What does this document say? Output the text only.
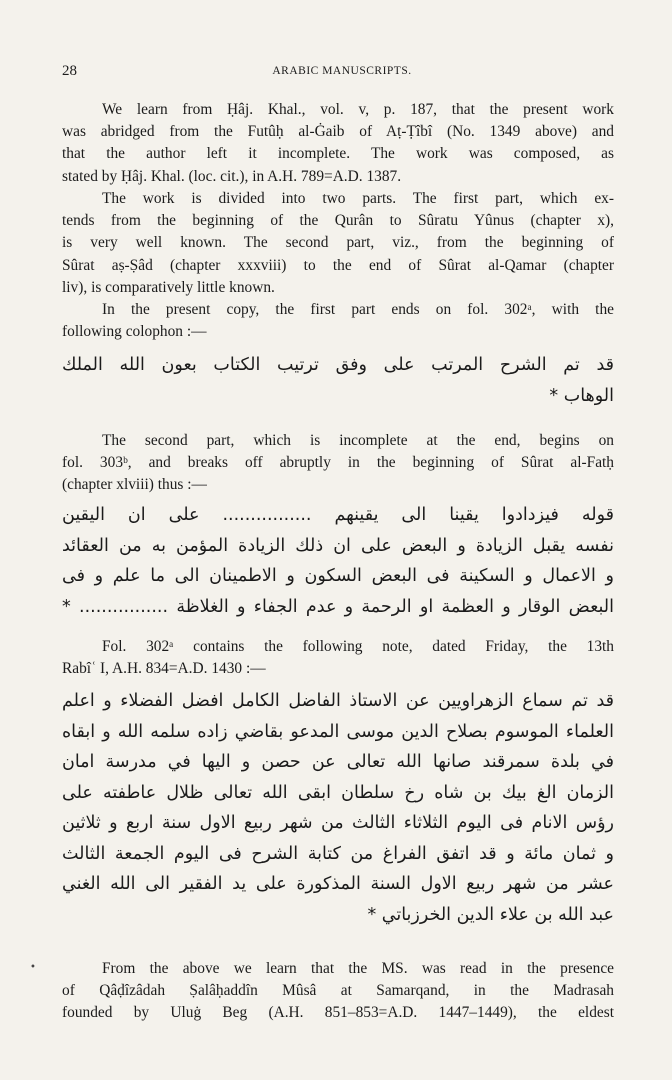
28	ARABIC MANUSCRIPTS.
We learn from Ḥâj. Khal., vol. v, p. 187, that the present work
was abridged from the Futûḥ al-Ġaib of Aṭ-Ṭîbî (No. 1349 above) and
that the author left it incomplete. The work was composed, as
stated by Ḥâj. Khal. (loc. cit.), in A.H. 789=A.D. 1387.
The work is divided into two parts. The first part, which ex-
tends from the beginning of the Qurân to Sûratu Yûnus (chapter x),
is very well known. The second part, viz., from the beginning of
Sûrat aṣ-Ṣâd (chapter xxxviii) to the end of Sûrat al-Qamar (chapter
liv), is comparatively little known.
In the present copy, the first part ends on fol. 302ᵃ, with the
following colophon :—
قد تم الشرح المرتب على وفق ترتيب الكتاب بعون الله الملك
الوهاب *
The second part, which is incomplete at the end, begins on
fol. 303ᵇ, and breaks off abruptly in the beginning of Sûrat al-Fatḥ
(chapter xlviii) thus :—
قوله فيزدادوا يقينا الى يقينهم ................ على ان اليقين
نفسه يقبل الزيادة و البعض على ان ذلك الزيادة المؤمن به من العقائد
و الاعمال و السكينة فى البعض السكون و الاطمينان الى ما علم و فى
البعض الوقار و العظمة او الرحمة و عدم الجفاء و الغلاظة ................ *
Fol. 302ᵃ contains the following note, dated Friday, the 13th
Rabîʿ I, A.H. 834=A.D. 1430 :—
قد تم سماع الزهراويين عن الاستاذ الفاضل الكامل افضل الفضلاء و اعلم
العلماء الموسوم بصلاح الدين موسى المدعو بقاضي زاده سلمه الله و ابقاه
في بلدة سمرقند صانها الله تعالى عن حصن و اليها في مدرسة امان
الزمان الغ بيك بن شاه رخ سلطان ابقى الله تعالى ظلال عاطفته على
رؤس الانام فى اليوم الثلاثاء الثالث من شهر ربيع الاول سنة اربع و ثلاثين
و ثمان مائة و قد اتفق الفراغ من كتابة الشرح فى اليوم الجمعة الثالث
عشر من شهر ربيع الاول السنة المذكورة على يد الفقير الى الله الغني
عبد الله بن علاء الدين الخرزباتي *
From the above we learn that the MS. was read in the presence
of Qâḍîzâdah Ṣalâḥaddîn Mûsâ at Samarqand, in the Madrasah
founded by Uluġ Beg (A.H. 851–853=A.D. 1447–1449), the eldest
•
